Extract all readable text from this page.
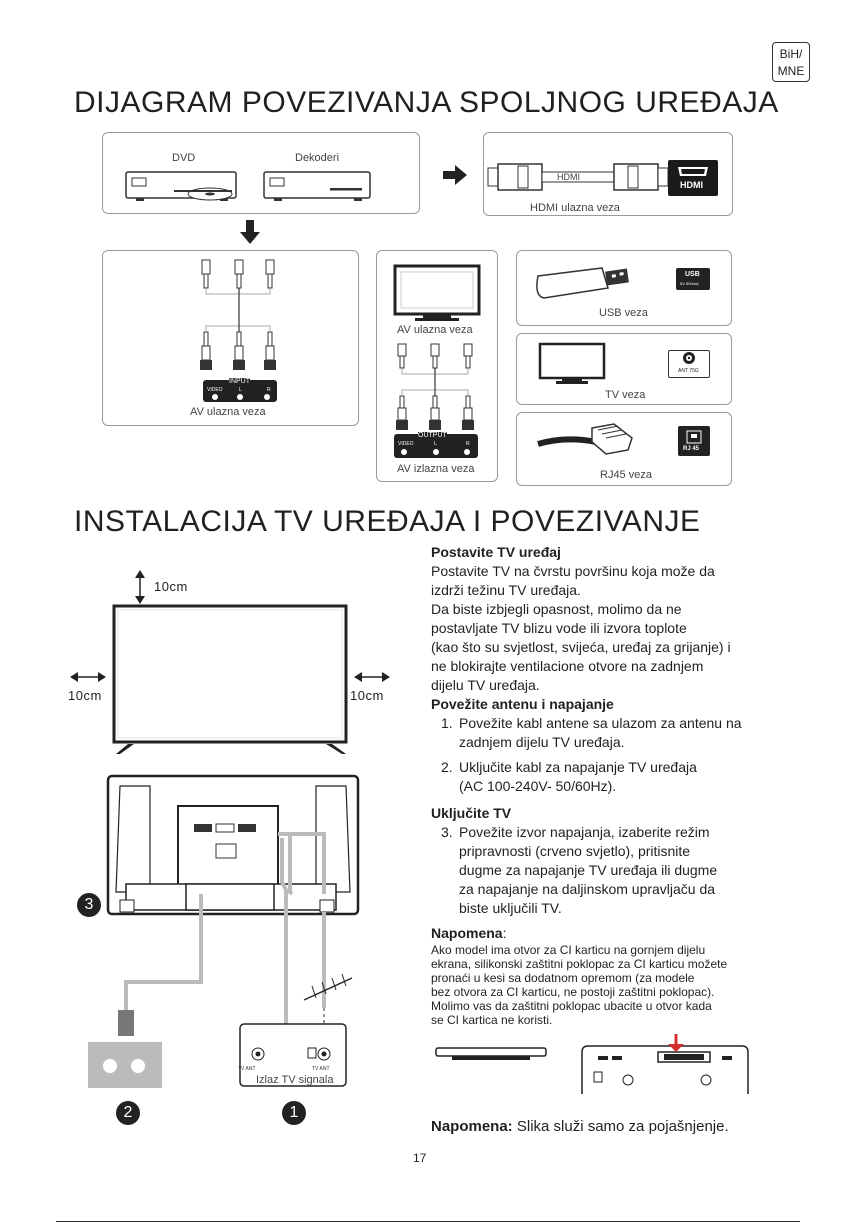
BiH/
MNE
DIJAGRAM POVEZIVANJA SPOLJNOG UREĐAJA
DVD	Dekoderi
HDMI
HDMI
HDMI ulazna veza
INPUT
VIDEO	L	R
AV ulazna veza
AV ulazna veza
OUTPUT
VIDEO	L	R
AV izlazna veza
USB
5V 500mA
USB veza
ANT 75Ω
TV veza
RJ 45
RJ45 veza
INSTALACIJA TV UREĐAJA I POVEZIVANJE
10cm
10cm	10cm
TV ANT	TV ANT
Izlaz TV signala
3
2	1
Postavite TV uređaj
Postavite TV na čvrstu površinu koja može da
izdrži težinu TV uređaja.
Da biste izbjegli opasnost, molimo da ne
postavljate TV blizu vode ili izvora toplote
(kao što su svjetlost, svijeća, uređaj za grijanje) i
ne blokirajte ventilacione otvore na zadnjem
dijelu TV uređaja.
Povežite antenu i napajanje
1. Povežite kabl antene sa ulazom za antenu na
zadnjem dijelu TV uređaja.
2. Uključite kabl za napajanje TV uređaja
(AC 100-240V- 50/60Hz).
Uključite TV
3. Povežite izvor napajanja, izaberite režim
pripravnosti (crveno svjetlo), pritisnite
dugme za napajanje TV uređaja ili dugme
za napajanje na daljinskom upravljaču da
biste uključili TV.
Napomena:
Ako model ima otvor za CI karticu na gornjem dijelu
ekrana, silikonski zaštitni poklopac za CI karticu možete
pronaći u kesi sa dodatnom opremom (za modele
bez otvora za CI karticu, ne postoji zaštitni poklopac).
Molimo vas da zaštitni poklopac ubacite u otvor kada
se CI kartica ne koristi.
Napomena: Slika služi samo za pojašnjenje.
17
